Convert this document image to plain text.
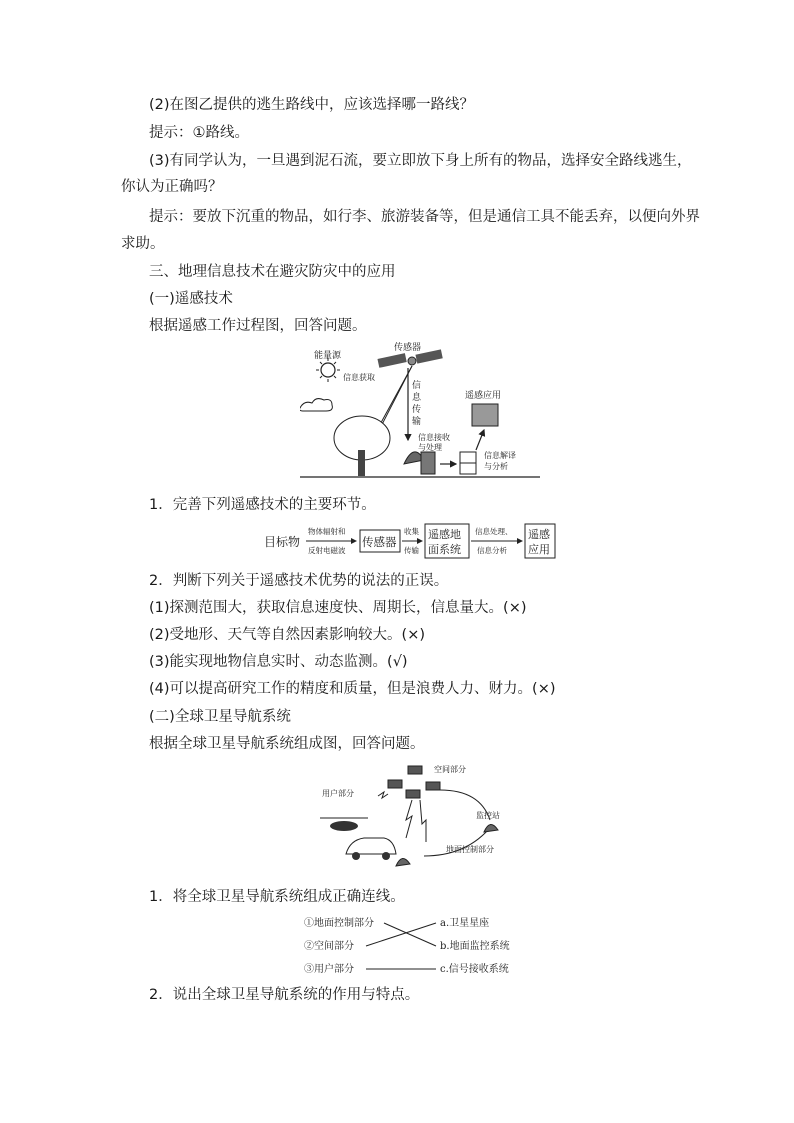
(2)在图乙提供的逃生路线中，应该选择哪一路线？
提示：①路线。
(3)有同学认为，一旦遇到泥石流，要立即放下身上所有的物品，选择安全路线逃生，
你认为正确吗？
提示：要放下沉重的物品，如行李、旅游装备等，但是通信工具不能丢弃，以便向外界
求助。
三、地理信息技术在避灾防灾中的应用
(一)遥感技术
根据遥感工作过程图，回答问题。
能量源
传感器
信息获取
信
息
传
输
信息接收
与处理
遥感应用
信息解译
与分析
1．完善下列遥感技术的主要环节。
目标物
物体辐射和
反射电磁波
传感器
收集
传输
遥感地
面系统
信息处理、
信息分析
遥感
应用
2．判断下列关于遥感技术优势的说法的正误。
(1)探测范围大，获取信息速度快、周期长，信息量大。(×)
(2)受地形、天气等自然因素影响较大。(×)
(3)能实现地物信息实时、动态监测。(√)
(4)可以提高研究工作的精度和质量，但是浪费人力、财力。(×)
(二)全球卫星导航系统
根据全球卫星导航系统组成图，回答问题。
空间部分
用户部分
监控站
地面控制部分
1．将全球卫星导航系统组成正确连线。
①地面控制部分
②空间部分
③用户部分
a.卫星星座
b.地面监控系统
c.信号接收系统
2．说出全球卫星导航系统的作用与特点。
